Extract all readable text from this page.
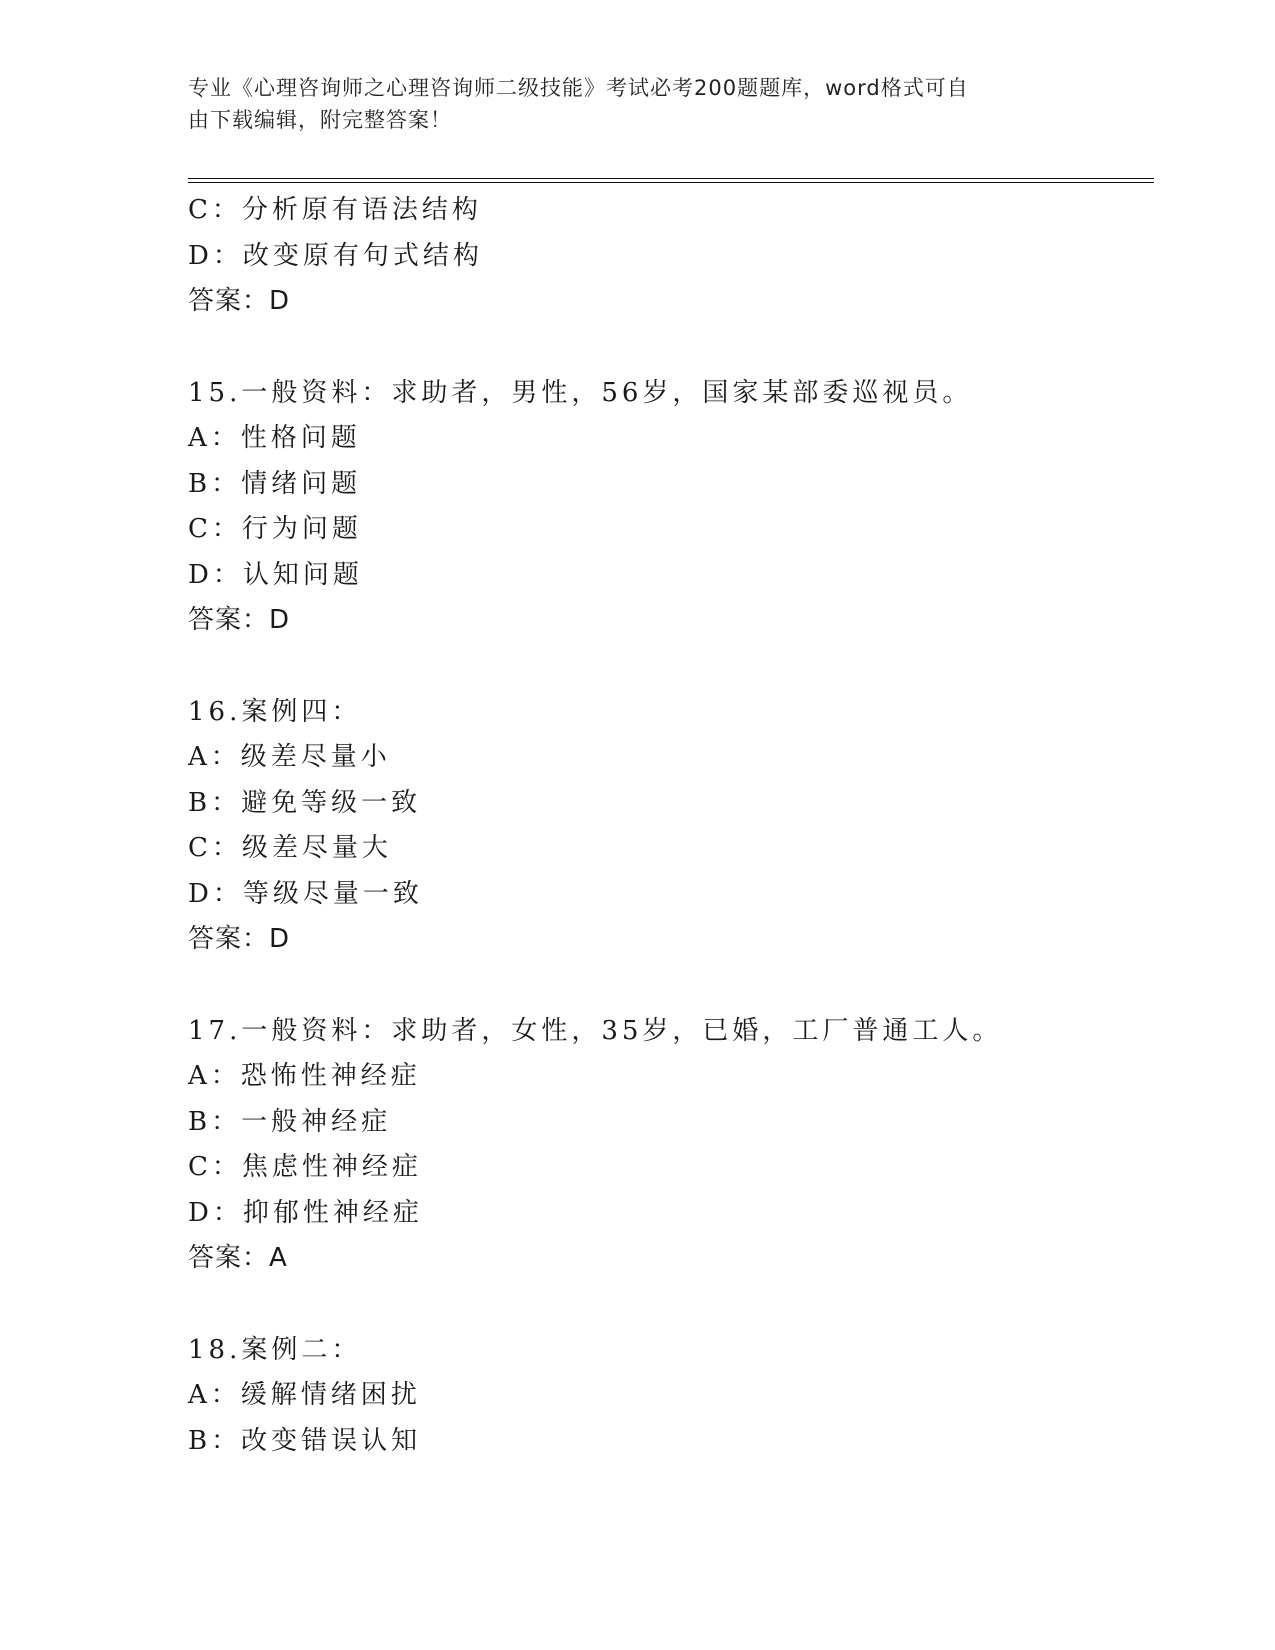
专业《心理咨询师之心理咨询师二级技能》考试必考200题题库，word格式可自
由下载编辑，附完整答案！
C：分析原有语法结构
D：改变原有句式结构
答案：D
15.一般资料：求助者，男性，56岁，国家某部委巡视员。
A：性格问题
B：情绪问题
C：行为问题
D：认知问题
答案：D
16.案例四：
A：级差尽量小
B：避免等级一致
C：级差尽量大
D：等级尽量一致
答案：D
17.一般资料：求助者，女性，35岁，已婚，工厂普通工人。
A：恐怖性神经症
B：一般神经症
C：焦虑性神经症
D：抑郁性神经症
答案：A
18.案例二：
A：缓解情绪困扰
B：改变错误认知
